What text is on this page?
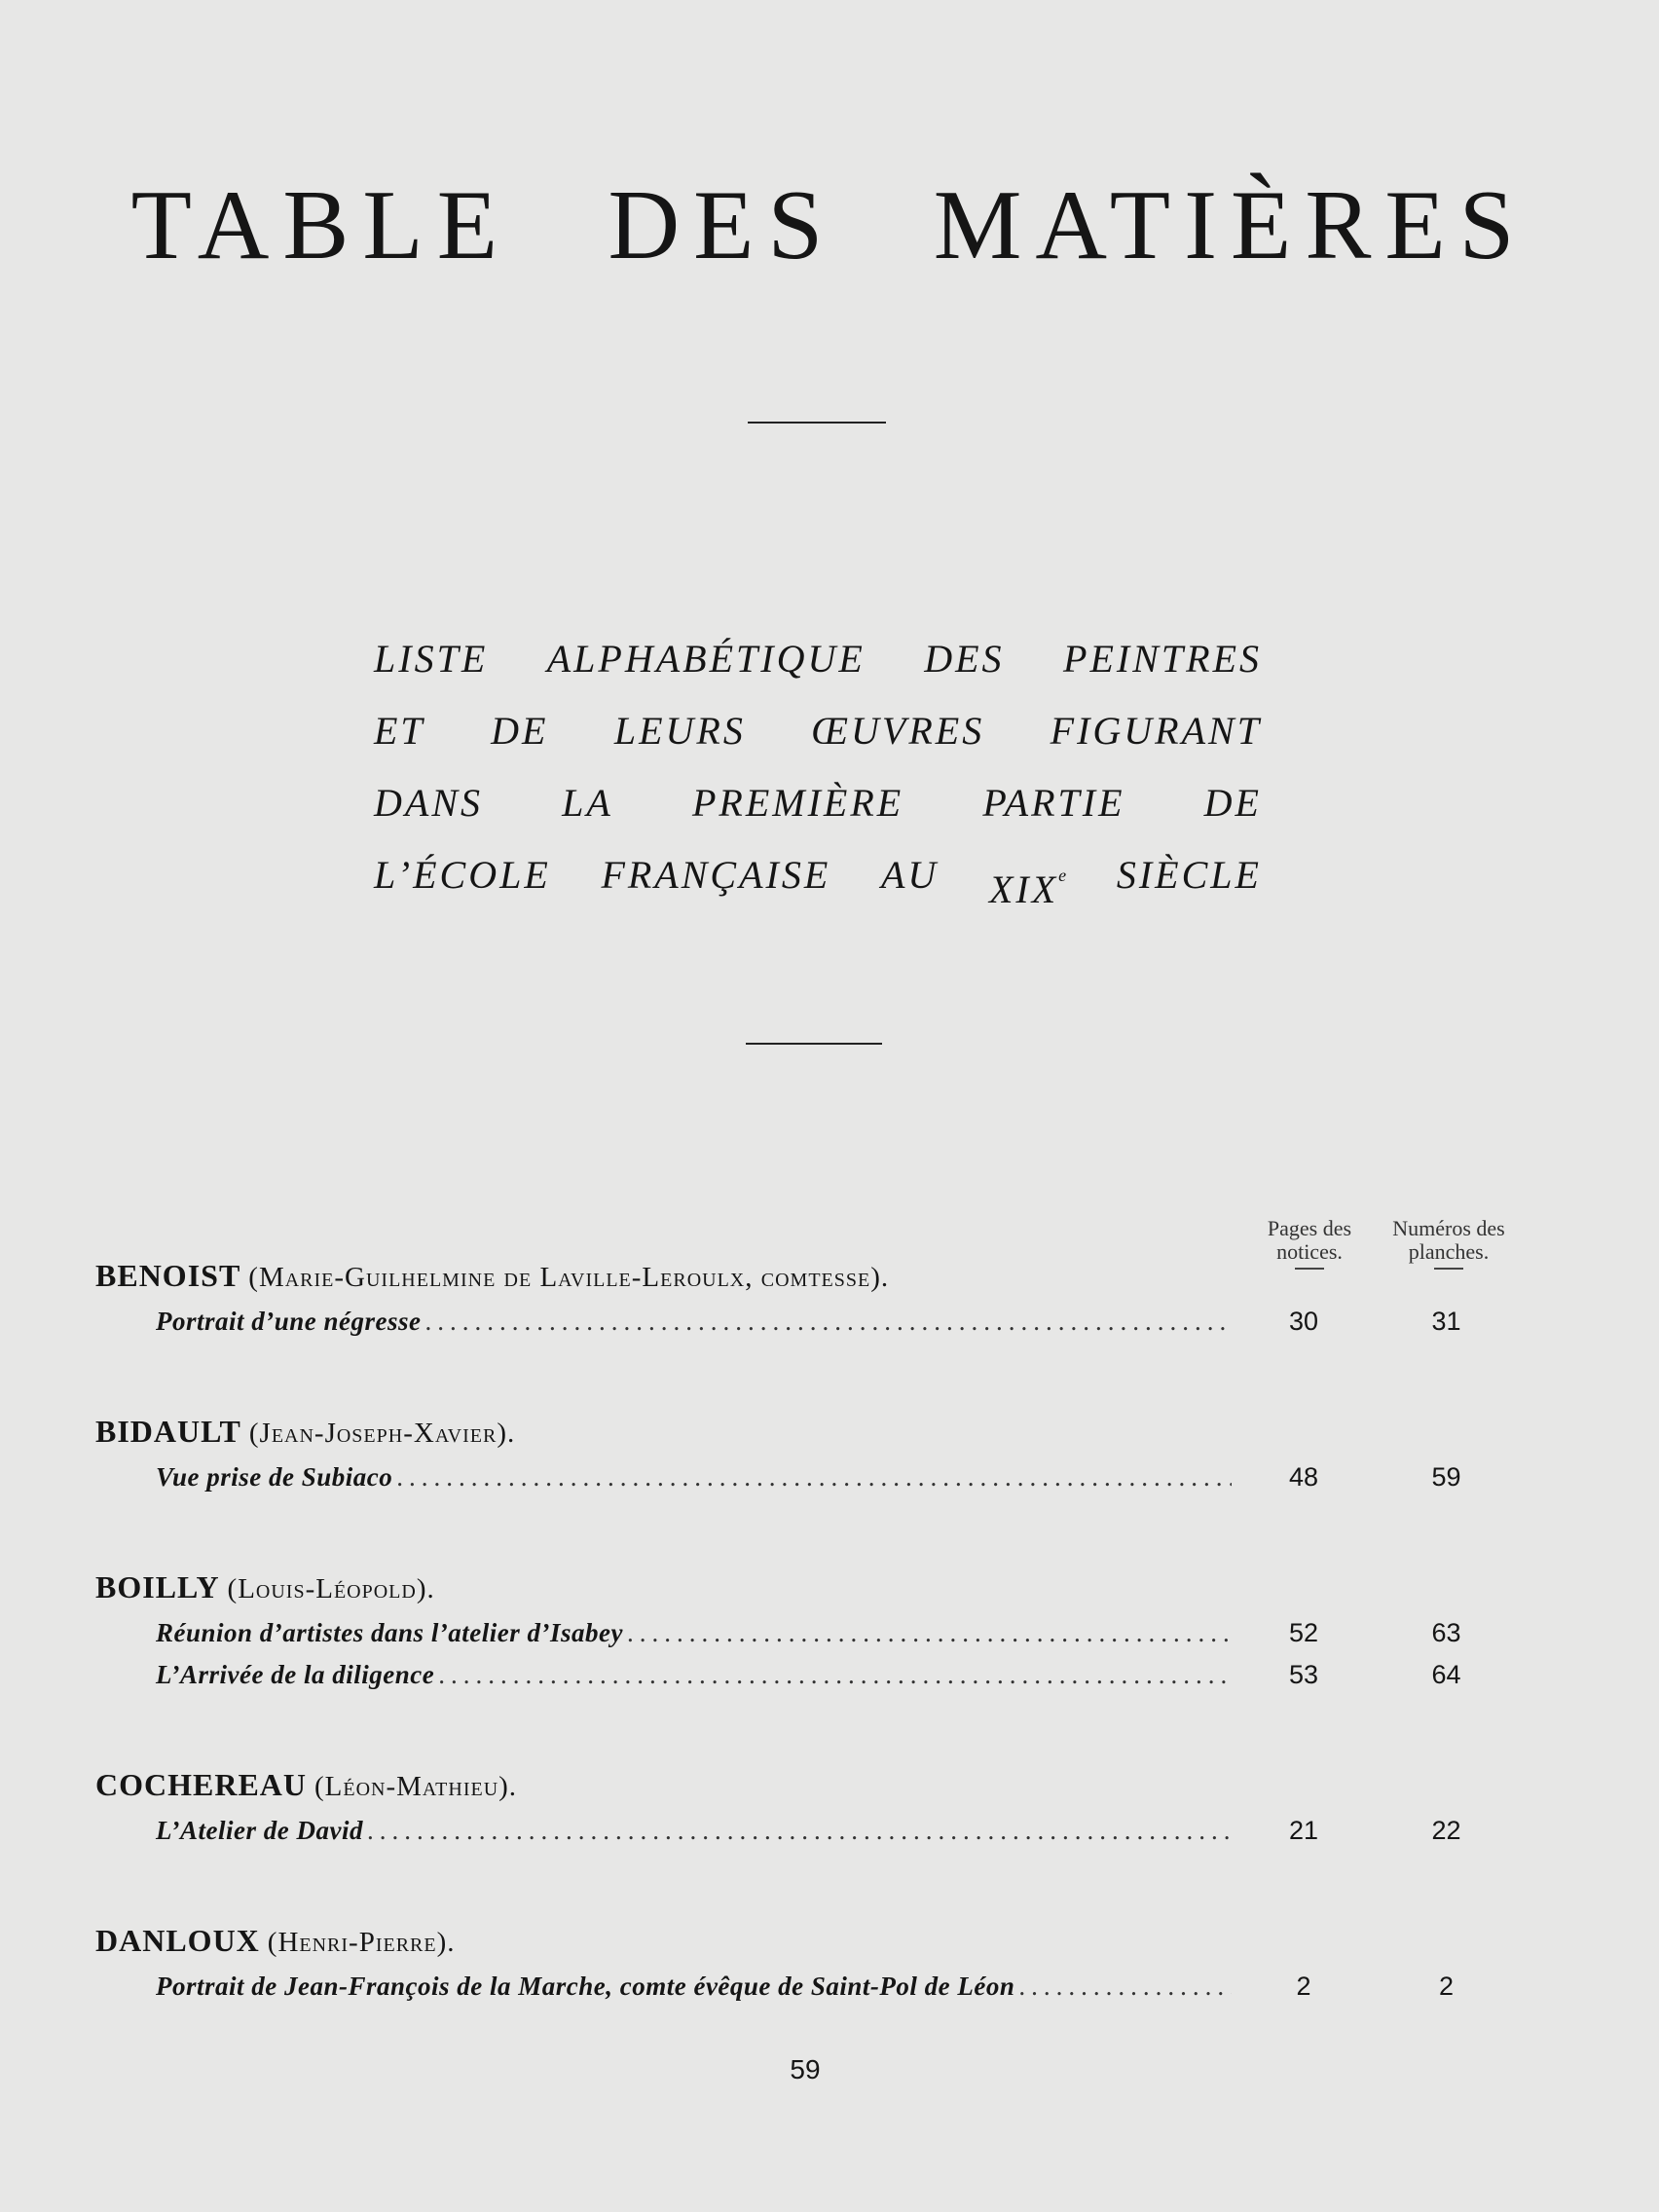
TABLE DES MATIÈRES
LISTE ALPHABÉTIQUE DES PEINTRES
ET DE LEURS ŒUVRES FIGURANT
DANS LA PREMIÈRE PARTIE DE
L’ÉCOLE FRANÇAISE AU XIXe SIÈCLE
Pages des
notices.
Numéros des
planches.
BENOIST (Marie-Guilhelmine de Laville-Leroulx, comtesse).
Portrait d’une négresse .....	30	31
BIDAULT (Jean-Joseph-Xavier).
Vue prise de Subiaco .....	48	59
BOILLY (Louis-Léopold).
Réunion d’artistes dans l’atelier d’Isabey .....	52	63
L’Arrivée de la diligence .....	53	64
COCHEREAU (Léon-Mathieu).
L’Atelier de David .....	21	22
DANLOUX (Henri-Pierre).
Portrait de Jean-François de la Marche, comte évêque de Saint-Pol de Léon .....	2	2
59
